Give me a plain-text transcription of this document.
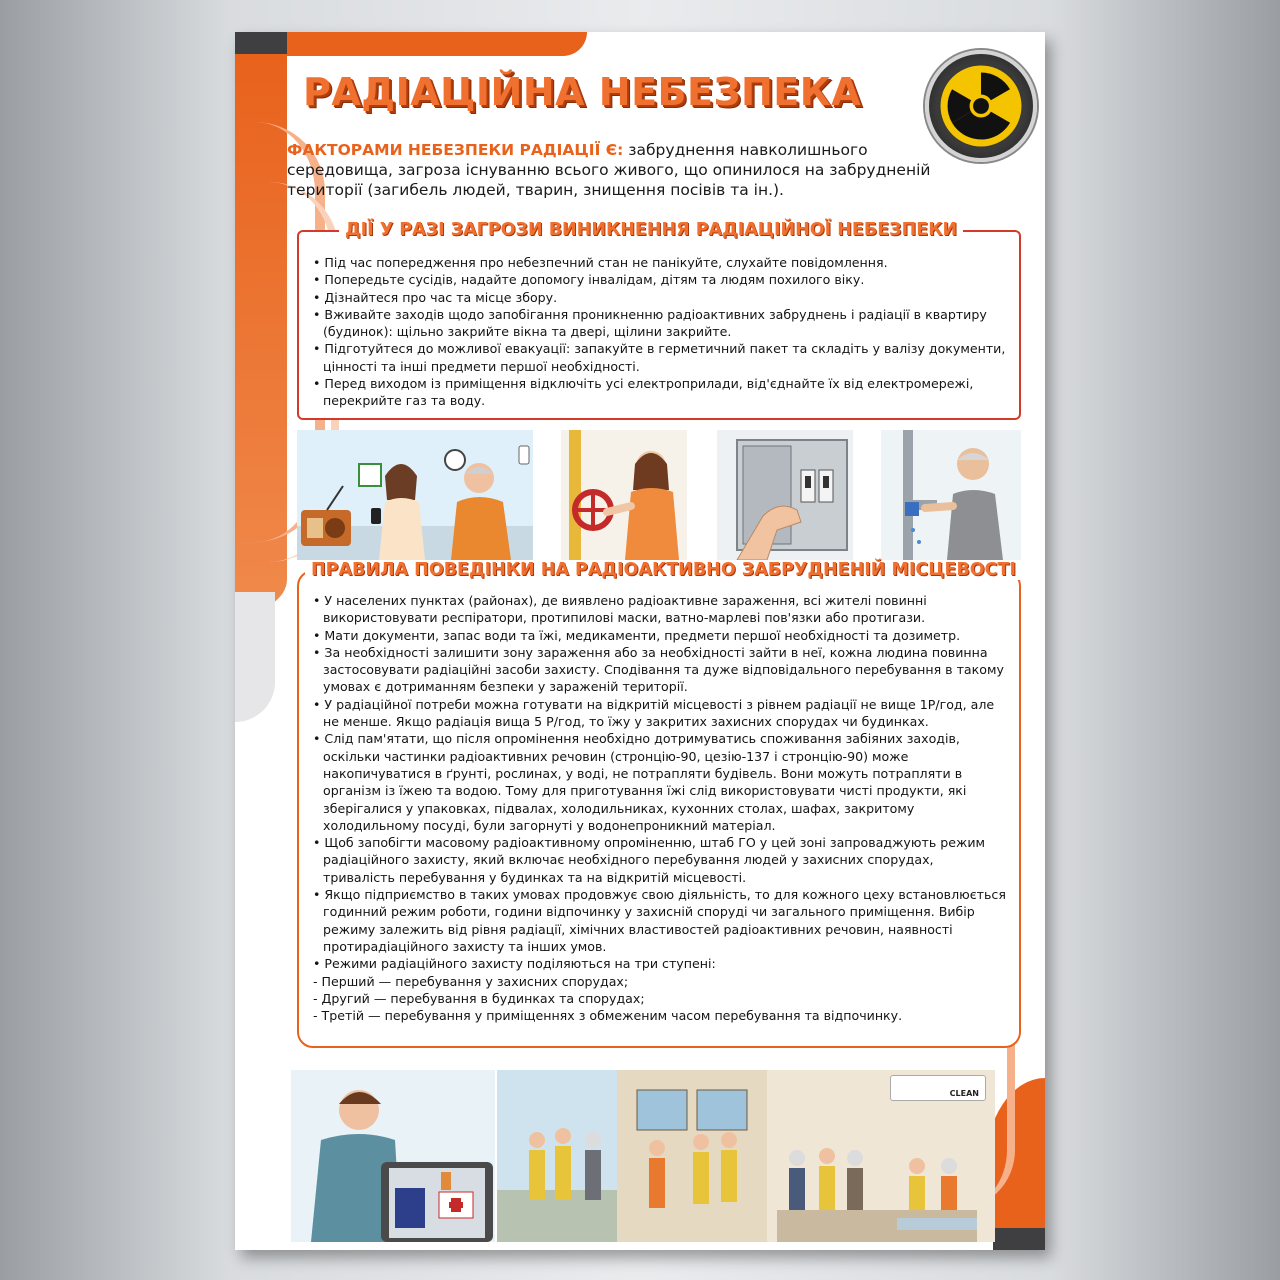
РАДІАЦІЙНА НЕБЕЗПЕКА
ФАКТОРАМИ НЕБЕЗПЕКИ РАДІАЦІЇ Є: забруднення навколишнього середовища, загроза існуванню всього живого, що опинилося на забрудненій території (загибель людей, тварин, знищення посівів та ін.).
ДІЇ У РАЗІ ЗАГРОЗИ ВИНИКНЕННЯ РАДІАЦІЙНОЇ НЕБЕЗПЕКИ
• Під час попередження про небезпечний стан не панікуйте, слухайте повідомлення.
• Попередьте сусідів, надайте допомогу інвалідам, дітям та людям похилого віку.
• Дізнайтеся про час та місце збору.
• Вживайте заходів щодо запобігання проникненню радіоактивних забруднень і радіації в квартиру (будинок): щільно закрийте вікна та двері, щілини закрийте.
• Підготуйтеся до можливої евакуації: запакуйте в герметичний пакет та складіть у валізу документи, цінності та інші предмети першої необхідності.
• Перед виходом із приміщення відключіть усі електроприлади, від'єднайте їх від електромережі, перекрийте газ та воду.
ПРАВИЛА ПОВЕДІНКИ НА РАДІОАКТИВНО ЗАБРУДНЕНІЙ МІСЦЕВОСТІ
• У населених пунктах (районах), де виявлено радіоактивне зараження, всі жителі повинні використовувати респіратори, протипилові маски, ватно-марлеві пов'язки або протигази.
• Мати документи, запас води та їжі, медикаменти, предмети першої необхідності та дозиметр.
• За необхідності залишити зону зараження або за необхідності зайти в неї, кожна людина повинна застосовувати радіаційні засоби захисту. Сподівання та дуже відповідального перебування в такому умовах є дотриманням безпеки у зараженій території.
• У радіаційної потреби можна готувати на відкритій місцевості з рівнем радіації не вище 1Р/год, але не менше. Якщо радіація вища 5 Р/год, то їжу у закритих захисних спорудах чи будинках.
• Слід пам'ятати, що після опромінення необхідно дотримуватись споживання забіяних заходів, оскільки частинки радіоактивних речовин (стронцію-90, цезію-137 і стронцію-90) може накопичуватися в ґрунті, рослинах, у воді, не потрапляти будівель. Вони можуть потрапляти в організм із їжею та водою. Тому для приготування їжі слід використовувати чисті продукти, які зберігалися у упаковках, підвалах, холодильниках, кухонних столах, шафах, закритому холодильному посуді, були загорнуті у водонепроникний матеріал.
• Щоб запобігти масовому радіоактивному опроміненню, штаб ГО у цей зоні запроваджують режим радіаційного захисту, який включає необхідного перебування людей у захисних спорудах, тривалість перебування у будинках та на відкритій місцевості.
• Якщо підприємство в таких умовах продовжує свою діяльність, то для кожного цеху встановлюється годинний режим роботи, години відпочинку у захисній споруді чи загального приміщення. Вибір режиму залежить від рівня радіації, хімічних властивостей радіоактивних речовин, наявності протирадіаційного захисту та інших умов.
• Режими радіаційного захисту поділяються на три ступені:
- Перший — перебування у захисних спорудах;
- Другий — перебування в будинках та спорудах;
- Третій — перебування у приміщеннях з обмеженим часом перебування та відпочинку.
CLEAN
